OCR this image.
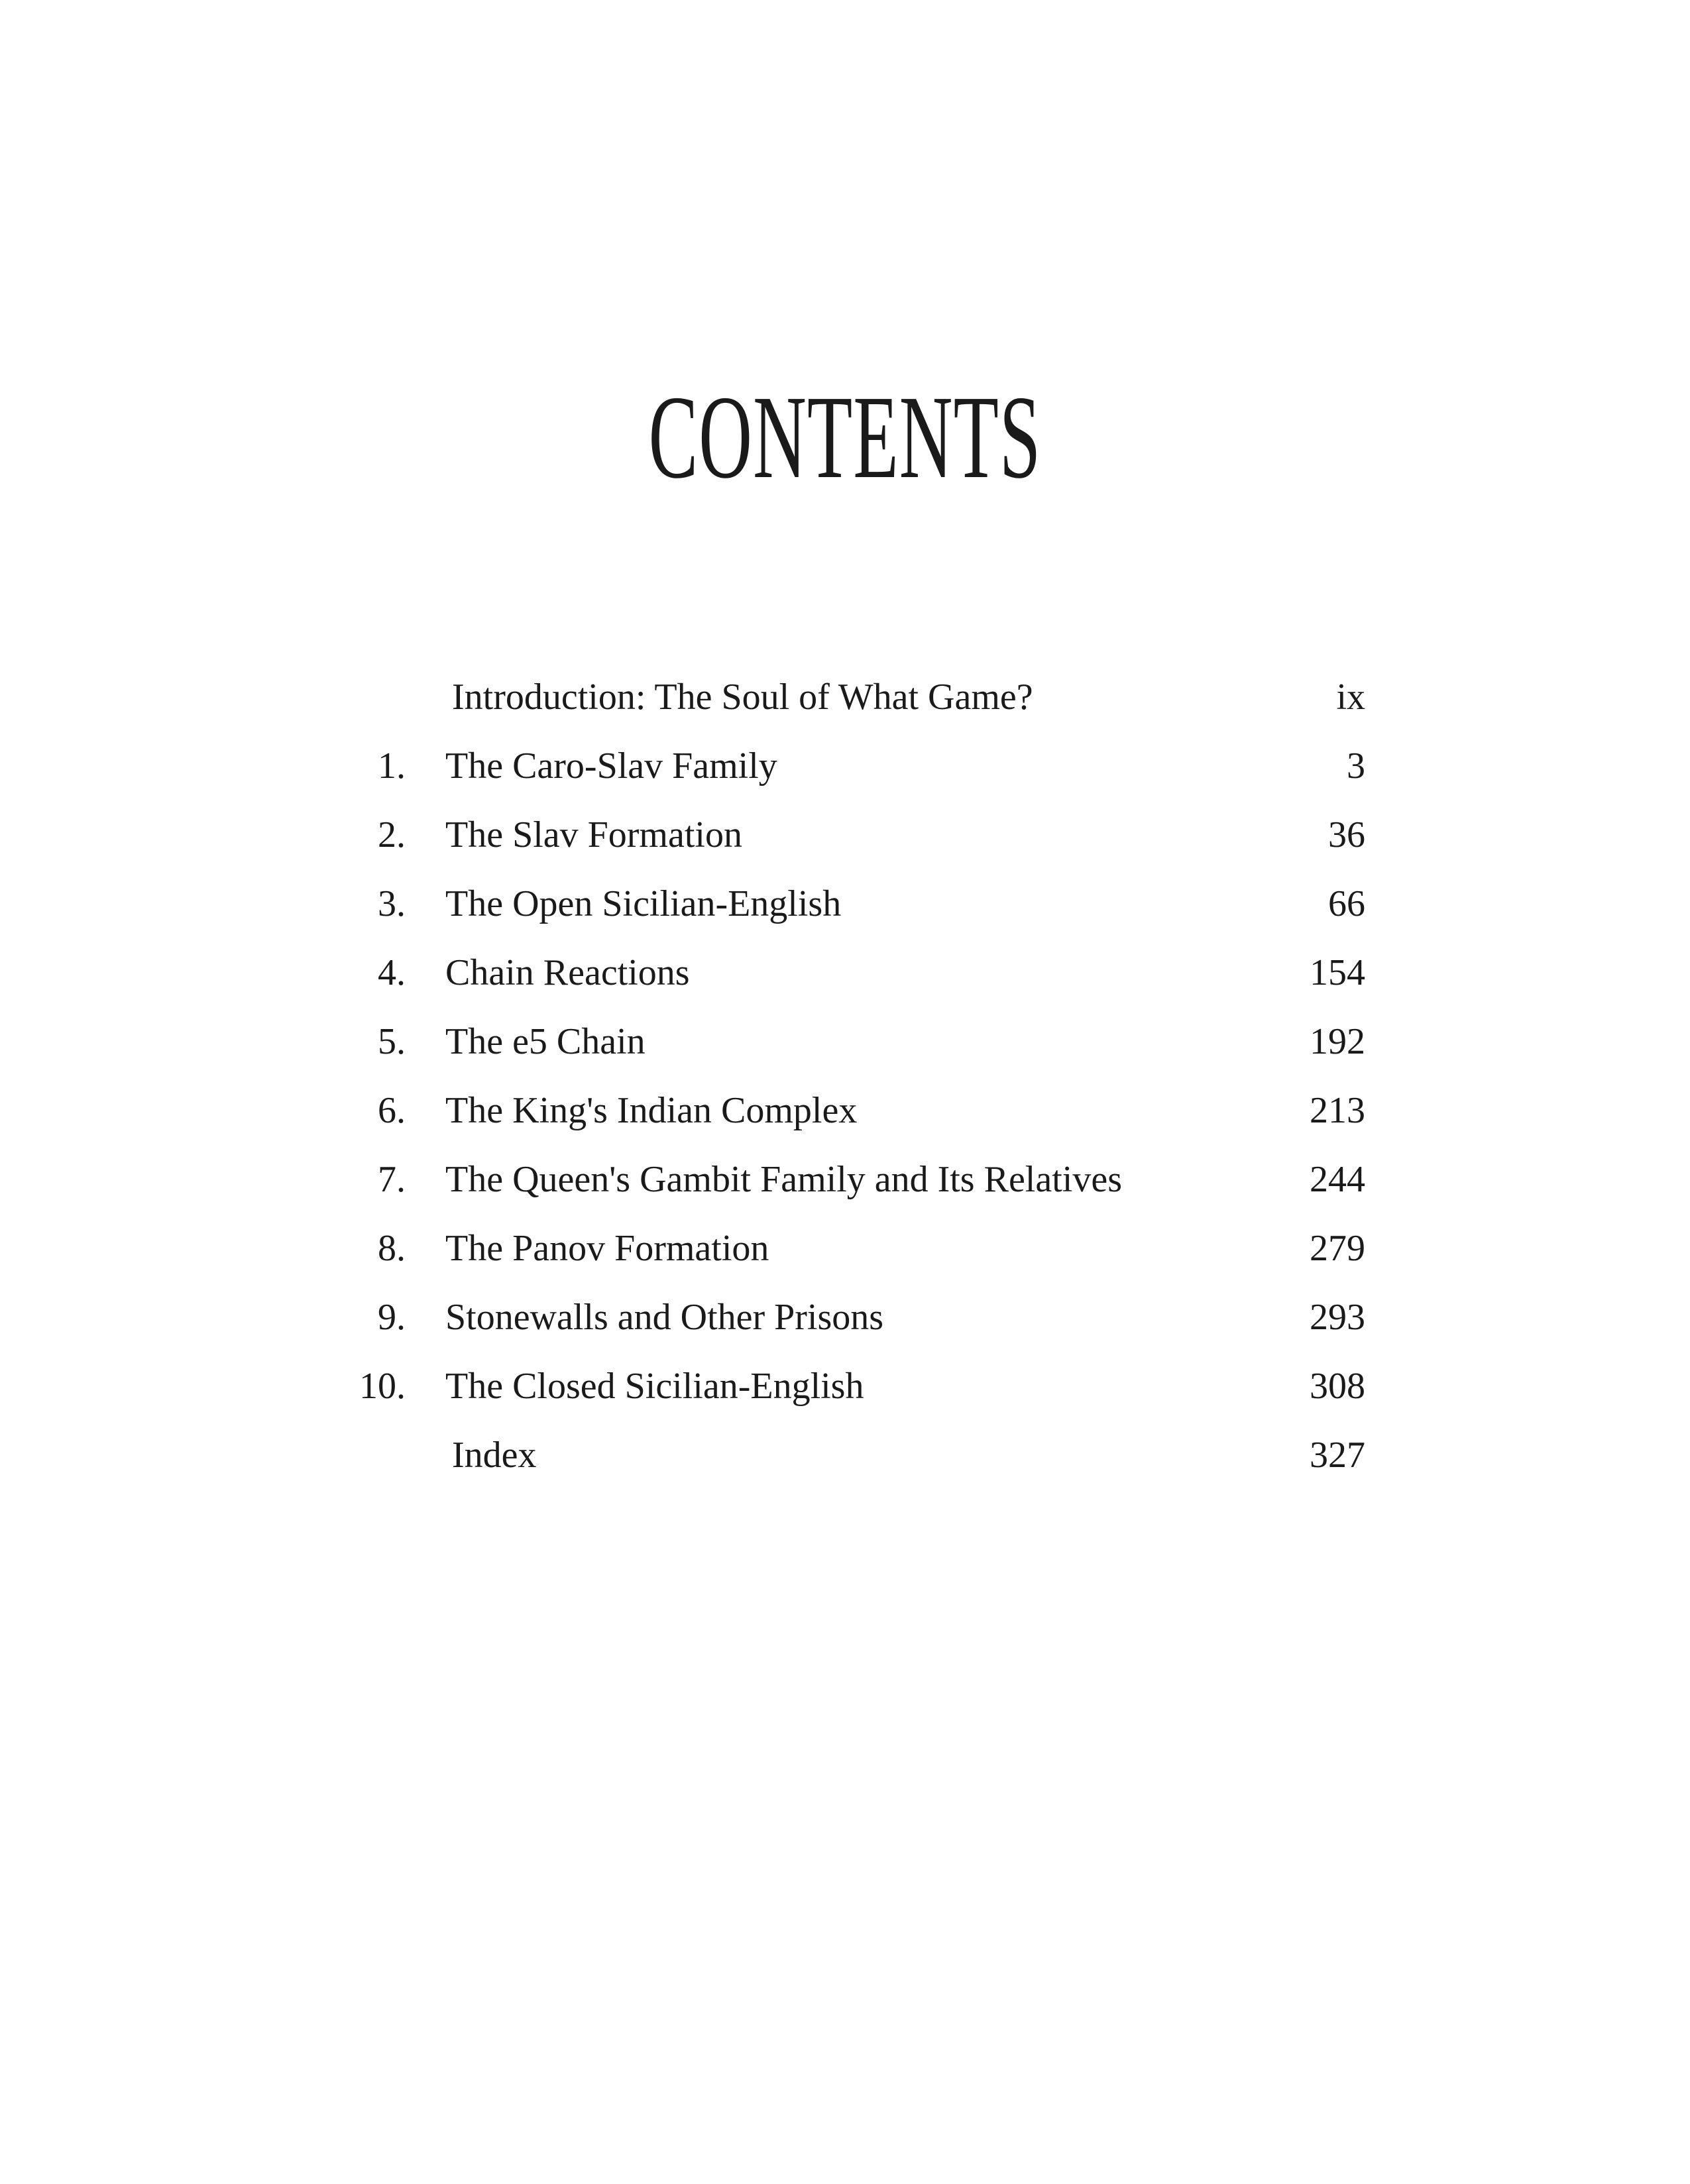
CONTENTS
Introduction: The Soul of What Game?	ix
1. The Caro-Slav Family	3
2. The Slav Formation	36
3. The Open Sicilian-English	66
4. Chain Reactions	154
5. The e5 Chain	192
6. The King's Indian Complex	213
7. The Queen's Gambit Family and Its Relatives	244
8. The Panov Formation	279
9. Stonewalls and Other Prisons	293
10. The Closed Sicilian-English	308
Index	327
